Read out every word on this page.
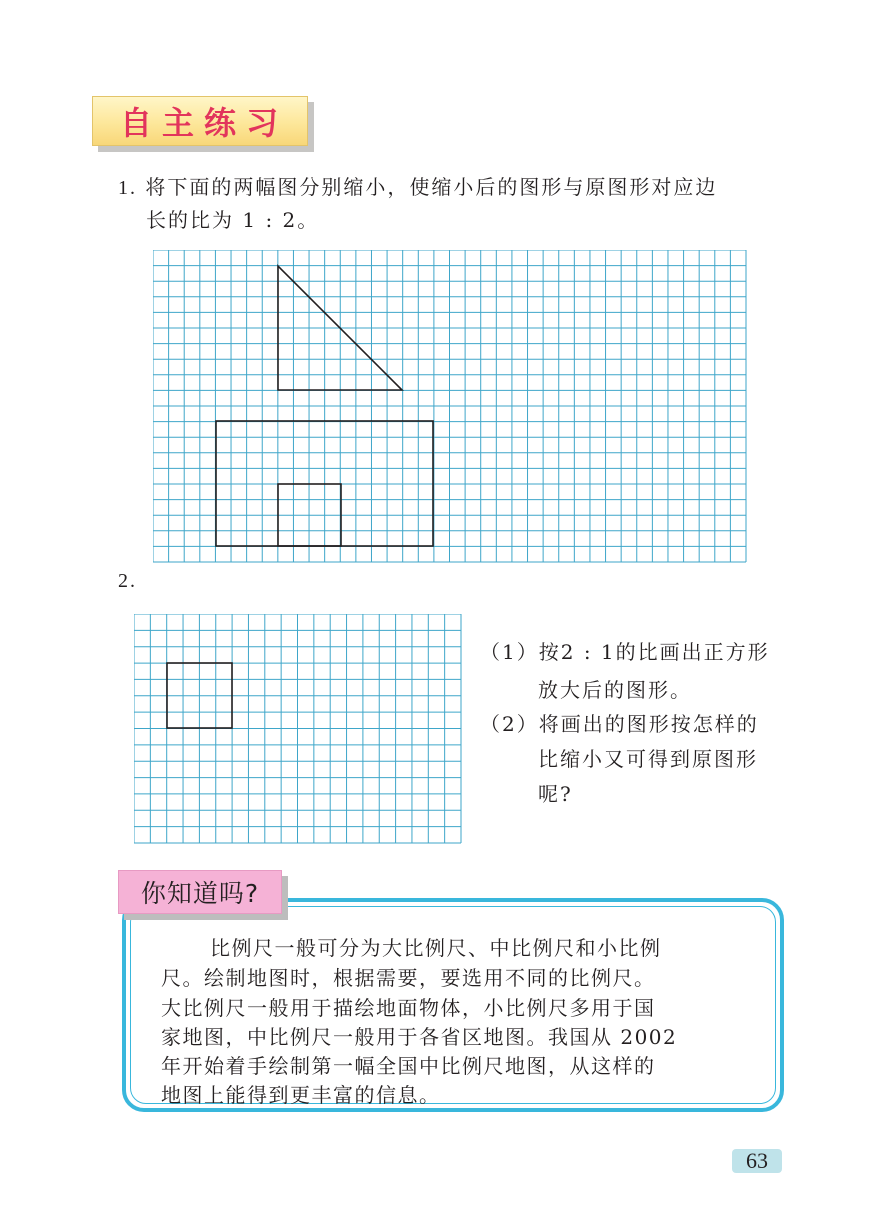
自主练习
1. 将下面的两幅图分别缩小，使缩小后的图形与原图形对应边
长的比为 1 : 2。
2.
（1）按2 : 1的比画出正方形
放大后的图形。
（2）将画出的图形按怎样的
比缩小又可得到原图形
呢?
你知道吗?
比例尺一般可分为大比例尺、中比例尺和小比例
尺。绘制地图时，根据需要，要选用不同的比例尺。
大比例尺一般用于描绘地面物体，小比例尺多用于国
家地图，中比例尺一般用于各省区地图。我国从 2002
年开始着手绘制第一幅全国中比例尺地图，从这样的
地图上能得到更丰富的信息。
63
